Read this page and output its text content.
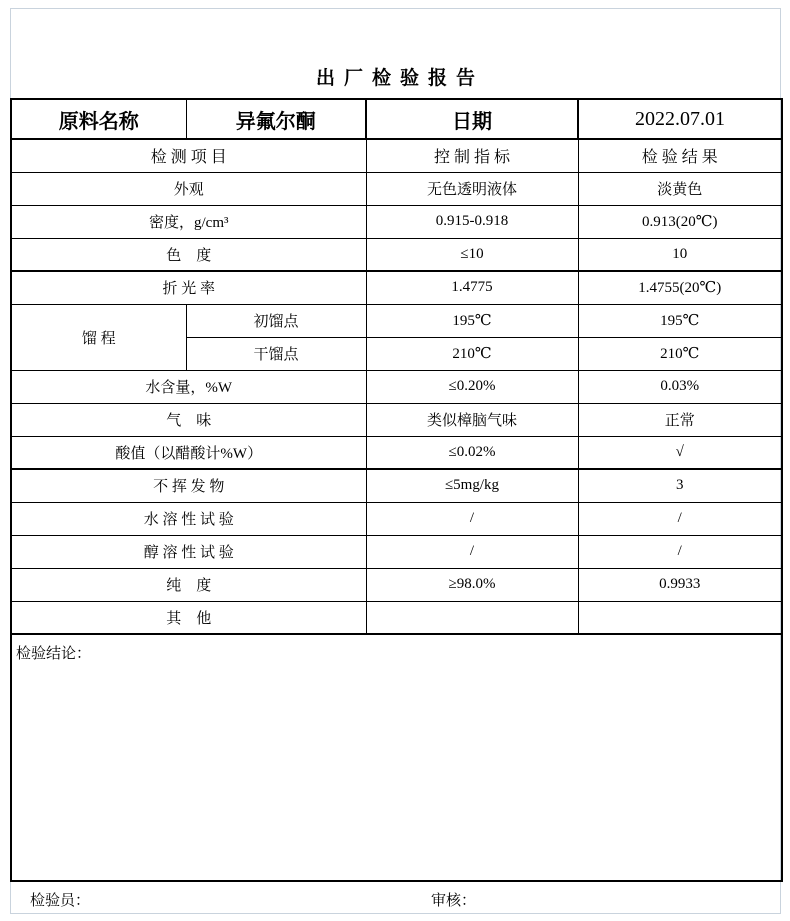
出厂检验报告
原料名称	异氟尔酮	日期	2022.07.01
检 测 项 目		控 制 指 标	检 验 结 果
外观		无色透明液体	淡黄色
密度，g/cm³		0.915-0.918	0.913(20℃)
色　度		≤10	10
折 光 率		1.4775	1.4755(20℃)
馏 程	初馏点	195℃	195℃
	干馏点	210℃	210℃
水含量，%W		≤0.20%	0.03%
气　味		类似樟脑气味	正常
酸值（以醋酸计%W）		≤0.02%	√
不 挥 发 物		≤5mg/kg	3
水 溶 性 试 验		/	/
醇 溶 性 试 验		/	/
纯　度		≥98.0%	0.9933
其　他			
检验结论：			
检验员：	审核：
